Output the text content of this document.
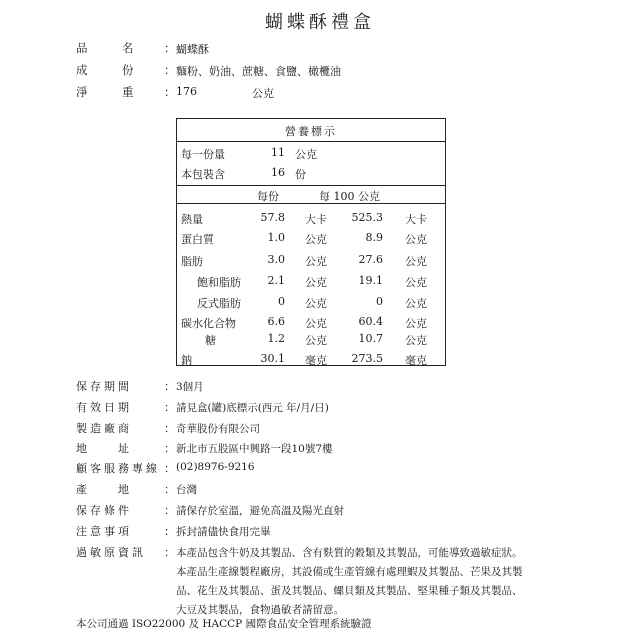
蝴蝶酥禮盒
品　　　名	： 蝴蝶酥
成　　　份	： 麵粉、奶油、蔗糖、食鹽、橄欖油
淨　　　重	： 176	公克
營養標示
每一份量	11 公克
本包裝含	16 份
每份	每 100 公克
熱量	57.8 大卡	525.3 大卡
蛋白質	1.0 公克	8.9 公克
脂肪	3.0 公克	27.6 公克
飽和脂肪	2.1 公克	19.1 公克
反式脂肪	0 公克	0 公克
碳水化合物	6.6 公克	60.4 公克
糖	1.2 公克	10.7 公克
鈉	30.1 毫克	273.5 毫克
保存期間	： 3個月
有效日期	： 請見盒(罐)底標示(西元 年/月/日)
製造廠商	： 奇華股份有限公司
地　　址	： 新北市五股區中興路一段10號7樓
顧客服務專線 ： (02)8976-9216
產　　地	： 台灣
保存條件	： 請保存於室溫，避免高溫及陽光直射
注意事項	： 拆封請儘快食用完畢
過敏原資訊 ： 本產品包含牛奶及其製品、含有麩質的穀類及其製品，可能導致過敏症狀。
本產品生產線製程廠房，其設備或生產管線有處理蝦及其製品、芒果及其製
品、花生及其製品、蛋及其製品、螺貝類及其製品、堅果種子類及其製品、
大豆及其製品，食物過敏者請留意。
本公司通過 ISO22000 及 HACCP 國際食品安全管理系統驗證
